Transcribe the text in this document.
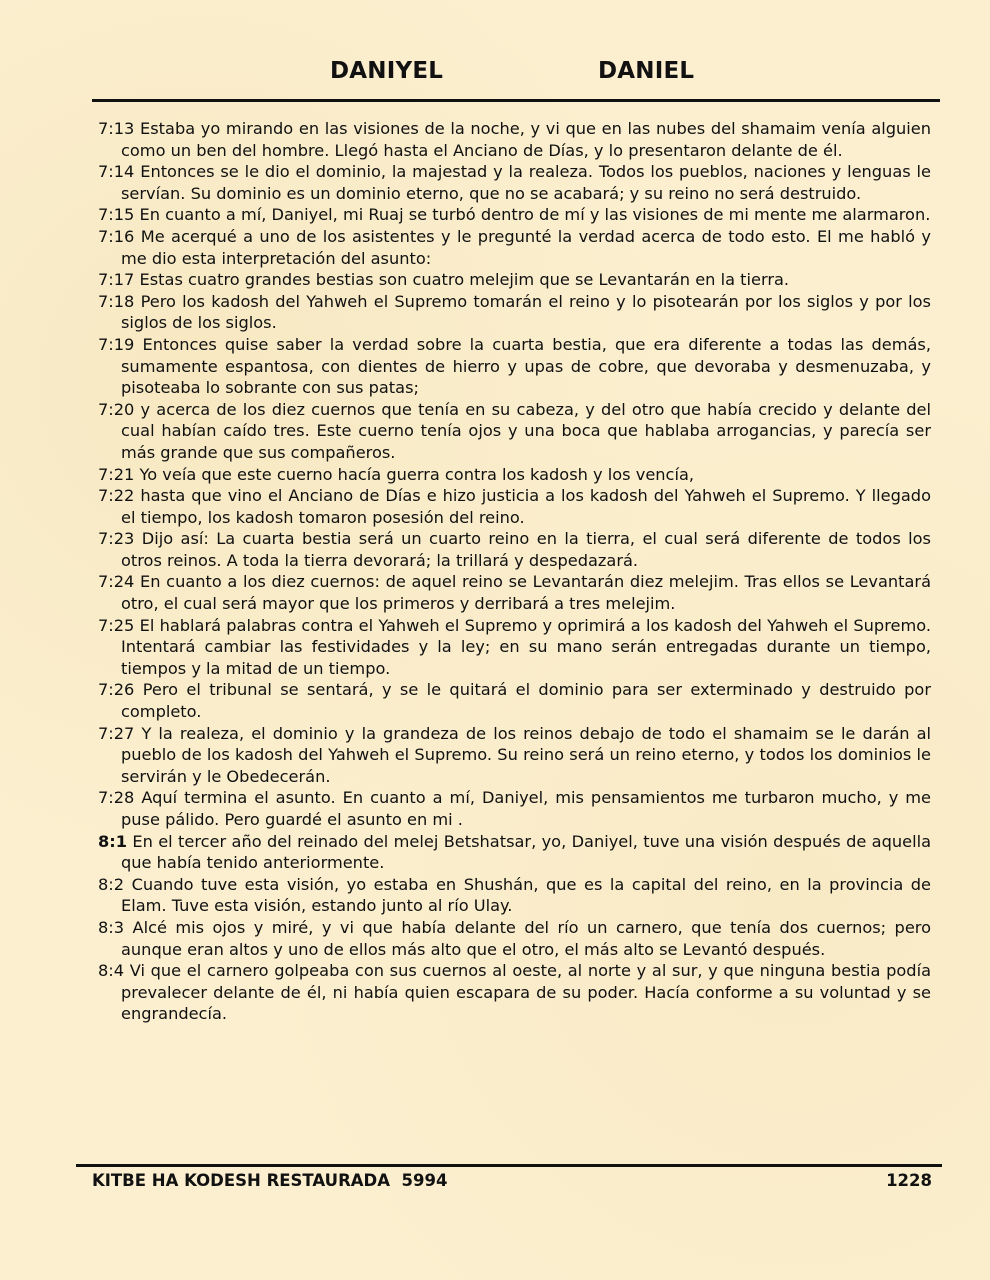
DANIYEL	DANIEL

7:13 Estaba yo mirando en las visiones de la noche, y vi que en las nubes del shamaim venía alguien como un ben del hombre. Llegó hasta el Anciano de Días, y lo presentaron delante de él.

7:14 Entonces se le dio el dominio, la majestad y la realeza. Todos los pueblos, naciones y lenguas le servían. Su dominio es un dominio eterno, que no se acabará; y su reino no será destruido.

7:15 En cuanto a mí, Daniyel, mi Ruaj se turbó dentro de mí y las visiones de mi mente me alarmaron.

7:16 Me acerqué a uno de los asistentes y le pregunté la verdad acerca de todo esto. El me habló y me dio esta interpretación del asunto:

7:17 Estas cuatro grandes bestias son cuatro melejim que se Levantarán en la tierra.

7:18 Pero los kadosh del Yahweh el Supremo tomarán el reino y lo pisotearán por los siglos y por los siglos de los siglos.

7:19 Entonces quise saber la verdad sobre la cuarta bestia, que era diferente a todas las demás, sumamente espantosa, con dientes de hierro y upas de cobre, que devoraba y desmenuzaba, y pisoteaba lo sobrante con sus patas;

7:20 y acerca de los diez cuernos que tenía en su cabeza, y del otro que había crecido y delante del cual habían caído tres. Este cuerno tenía ojos y una boca que hablaba arrogancias, y parecía ser más grande que sus compañeros.

7:21 Yo veía que este cuerno hacía guerra contra los kadosh y los vencía,

7:22 hasta que vino el Anciano de Días e hizo justicia a los kadosh del Yahweh el Supremo. Y llegado el tiempo, los kadosh tomaron posesión del reino.

7:23 Dijo así: La cuarta bestia será un cuarto reino en la tierra, el cual será diferente de todos los otros reinos. A toda la tierra devorará; la trillará y despedazará.

7:24 En cuanto a los diez cuernos: de aquel reino se Levantarán diez melejim. Tras ellos se Levantará otro, el cual será mayor que los primeros y derribará a tres melejim.

7:25 El hablará palabras contra el Yahweh el Supremo y oprimirá a los kadosh del Yahweh el Supremo. Intentará cambiar las festividades y la ley; en su mano serán entregadas durante un tiempo, tiempos y la mitad de un tiempo.

7:26 Pero el tribunal se sentará, y se le quitará el dominio para ser exterminado y destruido por completo.

7:27 Y la realeza, el dominio y la grandeza de los reinos debajo de todo el shamaim se le darán al pueblo de los kadosh del Yahweh el Supremo. Su reino será un reino eterno, y todos los dominios le servirán y le Obedecerán.

7:28 Aquí termina el asunto. En cuanto a mí, Daniyel, mis pensamientos me turbaron mucho, y me puse pálido. Pero guardé el asunto en mi .

8:1 En el tercer año del reinado del melej Betshatsar, yo, Daniyel, tuve una visión después de aquella que había tenido anteriormente.

8:2 Cuando tuve esta visión, yo estaba en Shushán, que es la capital del reino, en la provincia de Elam. Tuve esta visión, estando junto al río Ulay.

8:3 Alcé mis ojos y miré, y vi que había delante del río un carnero, que tenía dos cuernos; pero aunque eran altos y uno de ellos más alto que el otro, el más alto se Levantó después.

8:4 Vi que el carnero golpeaba con sus cuernos al oeste, al norte y al sur, y que ninguna bestia podía prevalecer delante de él, ni había quien escapara de su poder. Hacía conforme a su voluntad y se engrandecía.

KITBE HA KODESH RESTAURADA  5994	1228
